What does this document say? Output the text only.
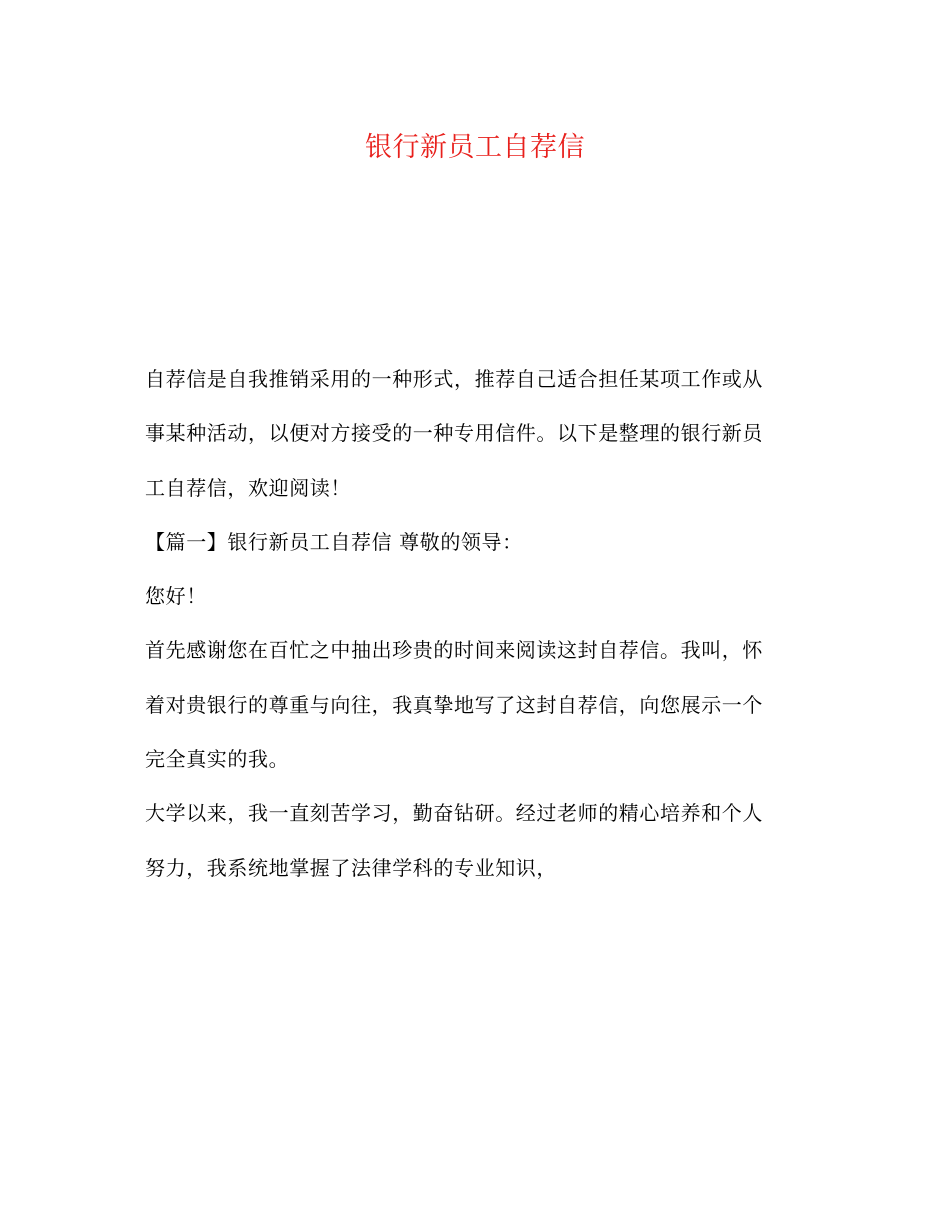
银行新员工自荐信
自荐信是自我推销采用的一种形式，推荐自己适合担任某项工作或从
事某种活动，以便对方接受的一种专用信件。以下是整理的银行新员
工自荐信，欢迎阅读！
【篇一】银行新员工自荐信 尊敬的领导：
您好！
首先感谢您在百忙之中抽出珍贵的时间来阅读这封自荐信。我叫，怀
着对贵银行的尊重与向往，我真挚地写了这封自荐信，向您展示一个
完全真实的我。
大学以来，我一直刻苦学习，勤奋钻研。经过老师的精心培养和个人
努力，我系统地掌握了法律学科的专业知识，
